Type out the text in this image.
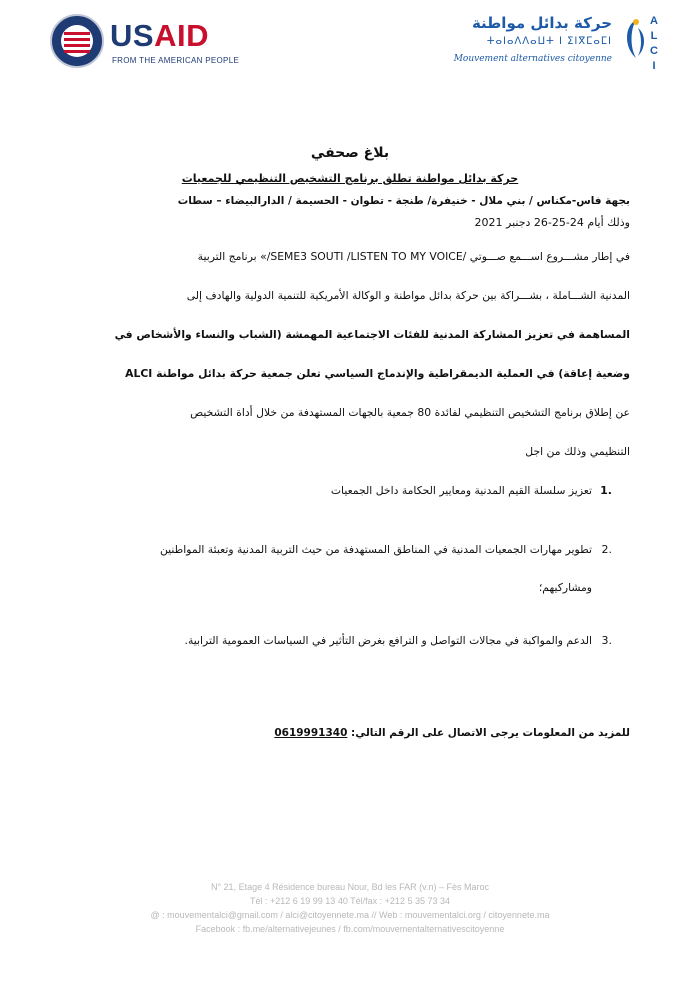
USAID
FROM THE AMERICAN PEOPLE
حركة بدائل مواطنة
ⵜⴰⵏⴰⴷⴷⴰⵡⵜ ⵏ ⵉⵏⴳⵎⴰⵎⵏ
Mouvement alternatives citoyenne
A
L
C
I
بلاغ صحفي
حركة بدائل مواطنة تطلق برنامج التشخيص التنظيمي للجمعيات
بجهة فاس-مكناس / بني ملال - خنيفرة/ طنجة - تطوان - الحسيمة / الدارالبيضاء – سطات
وذلك أيام 24-25-26 دجنبر 2021
في إطار مشـــروع اســـمع صـــوتي /SEME3 SOUTI /LISTEN TO MY VOICE/» برنامج التربية
المدنية الشـــاملة ، بشـــراكة بين حركة بدائل مواطنة و الوكالة الأمريكية للتنمية الدولية والهادف إلى
المساهمة في تعزيز المشاركة المدنية للفئات الاجتماعية المهمشة (الشباب والنساء والأشخاص في
وضعية إعاقة) في العملية الديمقراطية والإندماج السياسي تعلن جمعية حركة بدائل مواطنة ALCI
عن إطلاق برنامج التشخيص التنظيمي لفائدة 80 جمعية بالجهات المستهدفة من خلال أداة التشخيص
التنظيمي وذلك من اجل
1.
تعزيز سلسلة القيم المدنية ومعايير الحكامة داخل الجمعيات
2.
تطوير مهارات الجمعيات المدنية في المناطق المستهدفة من حيث التربية المدنية وتعبئة المواطنين
ومشاركيهم؛
3.
الدعم والمواكبة في مجالات التواصل و الترافع بغرض التأثير في السياسات العمومية الترابية.
للمزيد من المعلومات يرجى الاتصال على الرقم التالي: 0619991340
N° 21, Etage 4 Résidence bureau Nour, Bd les FAR (v.n) – Fès Maroc
Tél : +212 6 19 99 13 40 Tél/fax : +212 5 35 73 34
@ : mouvementalci@gmail.com / alci@citoyennete.ma // Web : mouvementalci.org / citoyennete.ma
Facebook : fb.me/alternativejeunes / fb.com/mouvementalternativescitoyenne
